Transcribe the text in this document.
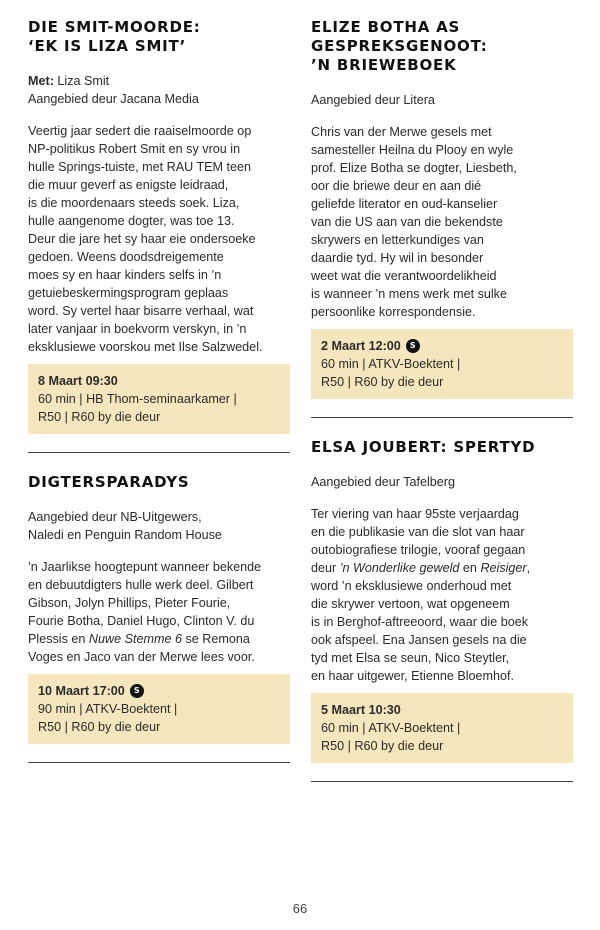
DIE SMIT-MOORDE:
‘EK IS LIZA SMIT’
Met: Liza Smit
Aangebied deur Jacana Media
Veertig jaar sedert die raaiselmoorde op
NP-politikus Robert Smit en sy vrou in
hulle Springs-tuiste, met RAU TEM teen
die muur geverf as enigste leidraad,
is die moordenaars steeds soek. Liza,
hulle aangenome dogter, was toe 13.
Deur die jare het sy haar eie ondersoeke
gedoen. Weens doodsdreigemente
moes sy en haar kinders selfs in ’n
getuiebeskermingsprogram geplaas
word. Sy vertel haar bisarre verhaal, wat
later vanjaar in boekvorm verskyn, in ’n
eksklusiewe voorskou met Ilse Salzwedel.
8 Maart 09:30
60 min | HB Thom-seminaarkamer |
R50 | R60 by die deur
DIGTERSPARADYS
Aangebied deur NB-Uitgewers,
Naledi en Penguin Random House
’n Jaarlikse hoogtepunt wanneer bekende
en debuutdigters hulle werk deel. Gilbert
Gibson, Jolyn Phillips, Pieter Fourie,
Fourie Botha, Daniel Hugo, Clinton V. du
Plessis en Nuwe Stemme 6 se Remona
Voges en Jaco van der Merwe lees voor.
10 Maart 17:00	S
90 min | ATKV-Boektent |
R50 | R60 by die deur
ELIZE BOTHA AS
GESPREKSGENOOT:
’N BRIEWEBOEK
Aangebied deur Litera
Chris van der Merwe gesels met
samesteller Heilna du Plooy en wyle
prof. Elize Botha se dogter, Liesbeth,
oor die briewe deur en aan dié
geliefde literator en oud-kanselier
van die US aan van die bekendste
skrywers en letterkundiges van
daardie tyd. Hy wil in besonder
weet wat die verantwoordelikheid
is wanneer ’n mens werk met sulke
persoonlike korrespondensie.
2 Maart 12:00	S
60 min | ATKV-Boektent |
R50 | R60 by die deur
ELSA JOUBERT: SPERTYD
Aangebied deur Tafelberg
Ter viering van haar 95ste verjaardag
en die publikasie van die slot van haar
outobiografiese trilogie, vooraf gegaan
deur ’n Wonderlike geweld en Reisiger,
word ’n eksklusiewe onderhoud met
die skrywer vertoon, wat opgeneem
is in Berghof-aftreeoord, waar die boek
ook afspeel. Ena Jansen gesels na die
tyd met Elsa se seun, Nico Steytler,
en haar uitgewer, Etienne Bloemhof.
5 Maart 10:30
60 min | ATKV-Boektent |
R50 | R60 by die deur
66
